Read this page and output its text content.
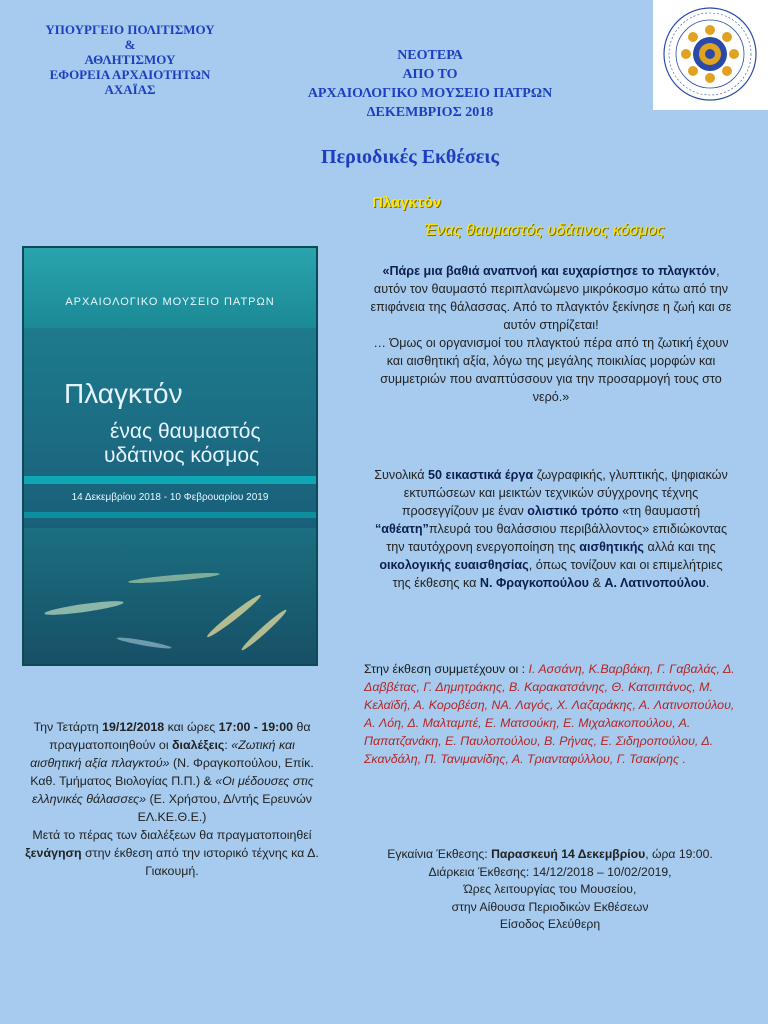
ΥΠΟΥΡΓΕΙΟ ΠΟΛΙΤΙΣΜΟΥ
&
ΑΘΛΗΤΙΣΜΟΥ
ΕΦΟΡΕΙΑ ΑΡΧΑΙΟΤΗΤΩΝ
ΑΧΑΪΑΣ
ΝΕΟΤΕΡΑ
ΑΠΟ ΤΟ
ΑΡΧΑΙΟΛΟΓΙΚΟ ΜΟΥΣΕΙΟ ΠΑΤΡΩΝ
ΔΕΚΕΜΒΡΙΟΣ 2018
Περιοδικές Εκθέσεις
Πλαγκτόν
Ένας θαυμαστός υδάτινος κόσμος
ΑΡΧΑΙΟΛΟΓΙΚΟ ΜΟΥΣΕΙΟ ΠΑΤΡΩΝ
Πλαγκτόν
ένας θαυμαστός
υδάτινος κόσμος
14 Δεκεμβρίου 2018 - 10 Φεβρουαρίου 2019
«Πάρε μια βαθιά αναπνοή και ευχαρίστησε το πλαγκτόν, αυτόν τον θαυμαστό περιπλανώμενο μικρόκοσμο κάτω από την επιφάνεια της θάλασσας. Από το πλαγκτόν ξεκίνησε η ζωή και σε αυτόν στηρίζεται!
… Όμως οι οργανισμοί του πλαγκτού πέρα από τη ζωτική έχουν και αισθητική αξία, λόγω της μεγάλης ποικιλίας μορφών και συμμετριών που αναπτύσσουν για την προσαρμογή τους στο νερό.»
Συνολικά 50 εικαστικά έργα ζωγραφικής, γλυπτικής, ψηφιακών εκτυπώσεων και μεικτών τεχνικών σύγχρονης τέχνης προσεγγίζουν με έναν ολιστικό τρόπο «τη θαυμαστή “αθέατη”πλευρά του θαλάσσιου περιβάλλοντος» επιδιώκοντας την ταυτόχρονη ενεργοποίηση της αισθητικής αλλά και της οικολογικής ευαισθησίας, όπως τονίζουν και οι επιμελήτριες της έκθεσης κα Ν. Φραγκοπούλου & Α. Λατινοπούλου.
Στην έκθεση συμμετέχουν οι : Ι. Ασσάνη, Κ.Βαρβάκη, Γ. Γαβαλάς, Δ. Δαββέτας, Γ. Δημητράκης, Β. Καρακατσάνης, Θ. Κατσιπάνος, Μ. Κελαϊδή, Α. Κοροβέση, ΝΑ. Λαγός, Χ. Λαζαράκης, Α. Λατινοπούλου, Α. Λόη, Δ. Μαλταμπέ, Ε. Ματσούκη, Ε. Μιχαλακοπούλου, Α. Παπατζανάκη, Ε. Παυλοπούλου, Β. Ρήνας, Ε. Σιδηροπούλου, Δ. Σκανδάλη, Π. Τανιμανίδης, Α. Τριανταφύλλου, Γ. Τσακίρης .
Την Τετάρτη 19/12/2018 και ώρες 17:00 - 19:00 θα πραγματοποιηθούν οι διαλέξεις: «Ζωτική και αισθητική αξία πλαγκτού» (Ν. Φραγκοπούλου, Επίκ. Καθ. Τμήματος Βιολογίας Π.Π.) & «Οι μέδουσες στις ελληνικές θάλασσες» (Ε. Χρήστου, Δ/ντής Ερευνών ΕΛ.ΚΕ.Θ.Ε.)
Μετά το πέρας των διαλέξεων θα πραγματοποιηθεί ξενάγηση στην έκθεση από την ιστορικό τέχνης κα Δ. Γιακουμή.
Εγκαίνια Έκθεσης: Παρασκευή 14 Δεκεμβρίου, ώρα 19:00.
Διάρκεια Έκθεσης: 14/12/2018 – 10/02/2019,
Ώρες λειτουργίας του Μουσείου,
στην Αίθουσα Περιοδικών Εκθέσεων
Είσοδος Ελεύθερη
